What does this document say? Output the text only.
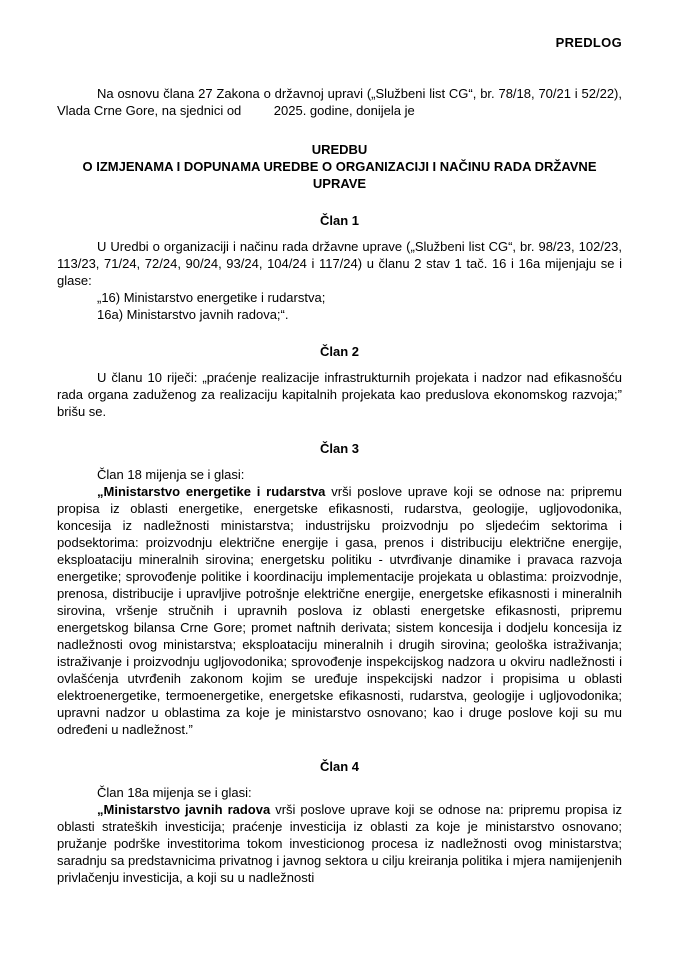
PREDLOG

Na osnovu člana 27 Zakona o državnoj upravi („Službeni list CG“, br. 78/18, 70/21 i 52/22), Vlada Crne Gore, na sjednici od         2025. godine, donijela je

UREDBU
O IZMJENAMA I DOPUNAMA UREDBE O ORGANIZACIJI I NAČINU RADA DRŽAVNE UPRAVE
Član 1

U Uredbi o organizaciji i načinu rada državne uprave („Službeni list CG“, br. 98/23, 102/23, 113/23, 71/24, 72/24, 90/24, 93/24, 104/24 i 117/24) u članu 2 stav 1 tač. 16 i 16a mijenjaju se i glase:

„16) Ministarstvo energetike i rudarstva;

16a) Ministarstvo javnih radova;“.

Član 2

U članu 10 riječi: „praćenje realizacije infrastrukturnih projekata i nadzor nad efikasnošću rada organa zaduženog za realizaciju kapitalnih projekata kao preduslova ekonomskog razvoja;” brišu se.

Član 3

Član 18 mijenja se i glasi:

„Ministarstvo energetike i rudarstva vrši poslove uprave koji se odnose na: pripremu propisa iz oblasti energetike, energetske efikasnosti, rudarstva, geologije, ugljovodonika, koncesija iz nadležnosti ministarstva; industrijsku proizvodnju po sljedećim sektorima i podsektorima: proizvodnju električne energije i gasa, prenos i distribuciju električne energije, eksploataciju mineralnih sirovina; energetsku politiku - utvrđivanje dinamike i pravaca razvoja energetike; sprovođenje politike i koordinaciju implementacije projekata u oblastima: proizvodnje, prenosa, distribucije i upravljive potrošnje električne energije, energetske efikasnosti i mineralnih sirovina, vršenje stručnih i upravnih poslova iz oblasti energetske efikasnosti, pripremu energetskog bilansa Crne Gore; promet naftnih derivata; sistem koncesija i dodjelu koncesija iz nadležnosti ovog ministarstva; eksploataciju mineralnih i drugih sirovina; geološka istraživanja; istraživanje i proizvodnju ugljovodonika; sprovođenje inspekcijskog nadzora u okviru nadležnosti i ovlašćenja utvrđenih zakonom kojim se uređuje inspekcijski nadzor i propisima u oblasti elektroenergetike, termoenergetike, energetske efikasnosti, rudarstva, geologije i ugljovodonika; upravni nadzor u oblastima za koje je ministarstvo osnovano; kao i druge poslove koji su mu određeni u nadležnost.”

Član 4

Član 18a mijenja se i glasi:

„Ministarstvo javnih radova vrši poslove uprave koji se odnose na: pripremu propisa iz oblasti strateških investicija; praćenje investicija iz oblasti za koje je ministarstvo osnovano; pružanje podrške investitorima tokom investicionog procesa iz nadležnosti ovog ministarstva; saradnju sa predstavnicima privatnog i javnog sektora u cilju kreiranja politika i mjera namijenjenih privlačenju investicija, a koji su u nadležnosti
